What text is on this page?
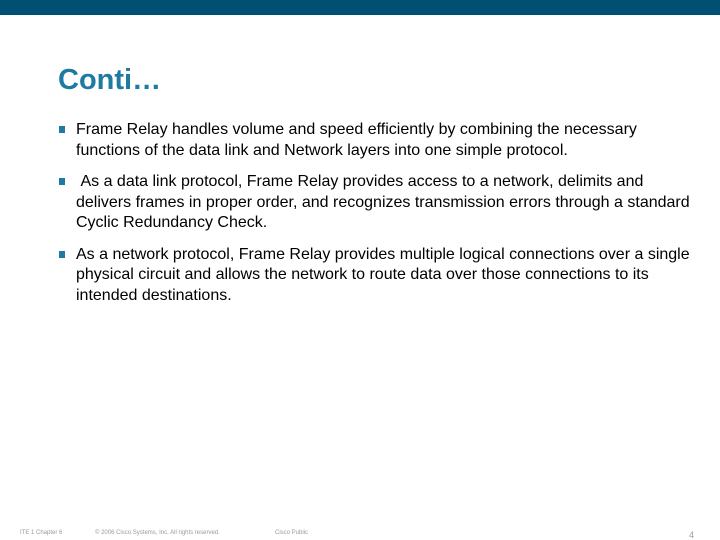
Conti…
Frame Relay handles volume and speed efficiently by combining the necessary functions of the data link and Network layers into one simple protocol.
As a data link protocol, Frame Relay provides access to a network, delimits and delivers frames in proper order, and recognizes transmission errors through a standard Cyclic Redundancy Check.
As a network protocol, Frame Relay provides multiple logical connections over a single physical circuit and allows the network to route data over those connections to its intended destinations.
ITE 1 Chapter 6	© 2006 Cisco Systems, Inc. All rights reserved.	Cisco Public	4
